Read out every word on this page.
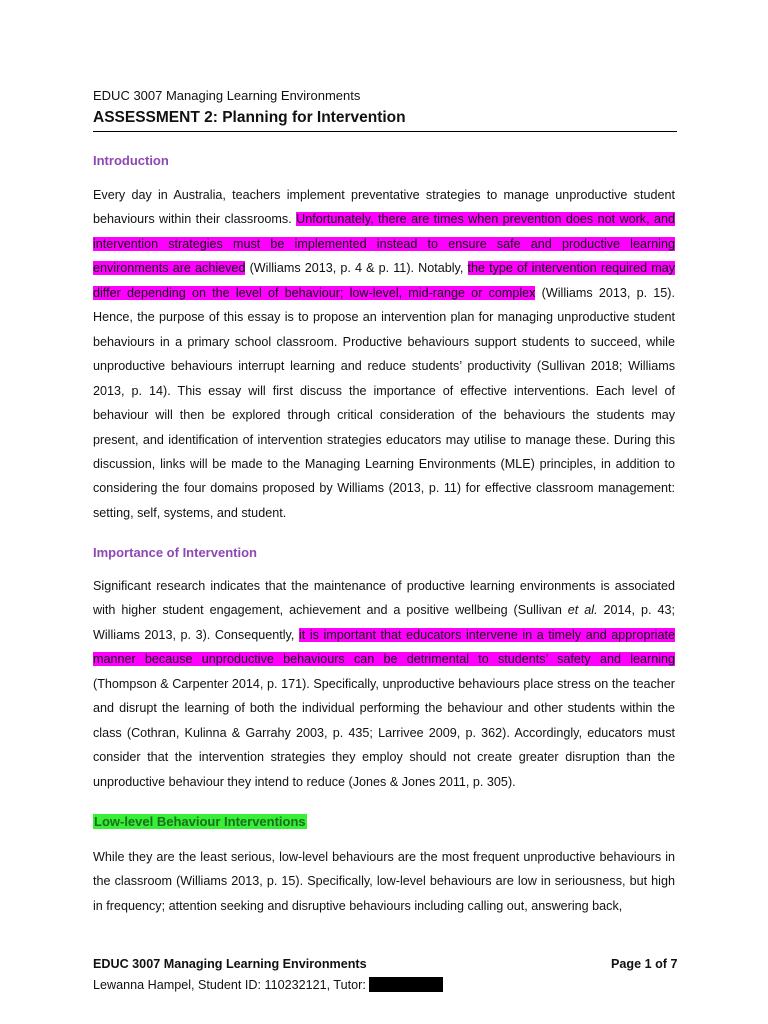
EDUC 3007 Managing Learning Environments
ASSESSMENT 2: Planning for Intervention
Introduction
Every day in Australia, teachers implement preventative strategies to manage unproductive student behaviours within their classrooms. Unfortunately, there are times when prevention does not work, and intervention strategies must be implemented instead to ensure safe and productive learning environments are achieved (Williams 2013, p. 4 & p. 11). Notably, the type of intervention required may differ depending on the level of behaviour; low-level, mid-range or complex (Williams 2013, p. 15). Hence, the purpose of this essay is to propose an intervention plan for managing unproductive student behaviours in a primary school classroom. Productive behaviours support students to succeed, while unproductive behaviours interrupt learning and reduce students’ productivity (Sullivan 2018; Williams 2013, p. 14). This essay will first discuss the importance of effective interventions. Each level of behaviour will then be explored through critical consideration of the behaviours the students may present, and identification of intervention strategies educators may utilise to manage these. During this discussion, links will be made to the Managing Learning Environments (MLE) principles, in addition to considering the four domains proposed by Williams (2013, p. 11) for effective classroom management: setting, self, systems, and student.
Importance of Intervention
Significant research indicates that the maintenance of productive learning environments is associated with higher student engagement, achievement and a positive wellbeing (Sullivan et al. 2014, p. 43; Williams 2013, p. 3). Consequently, it is important that educators intervene in a timely and appropriate manner because unproductive behaviours can be detrimental to students’ safety and learning (Thompson & Carpenter 2014, p. 171). Specifically, unproductive behaviours place stress on the teacher and disrupt the learning of both the individual performing the behaviour and other students within the class (Cothran, Kulinna & Garrahy 2003, p. 435; Larrivee 2009, p. 362). Accordingly, educators must consider that the intervention strategies they employ should not create greater disruption than the unproductive behaviour they intend to reduce (Jones & Jones 2011, p. 305).
Low-level Behaviour Interventions
While they are the least serious, low-level behaviours are the most frequent unproductive behaviours in the classroom (Williams 2013, p. 15). Specifically, low-level behaviours are low in seriousness, but high in frequency; attention seeking and disruptive behaviours including calling out, answering back,
EDUC 3007 Managing Learning Environments	Page 1 of 7
Lewanna Hampel, Student ID: 110232121, Tutor:
